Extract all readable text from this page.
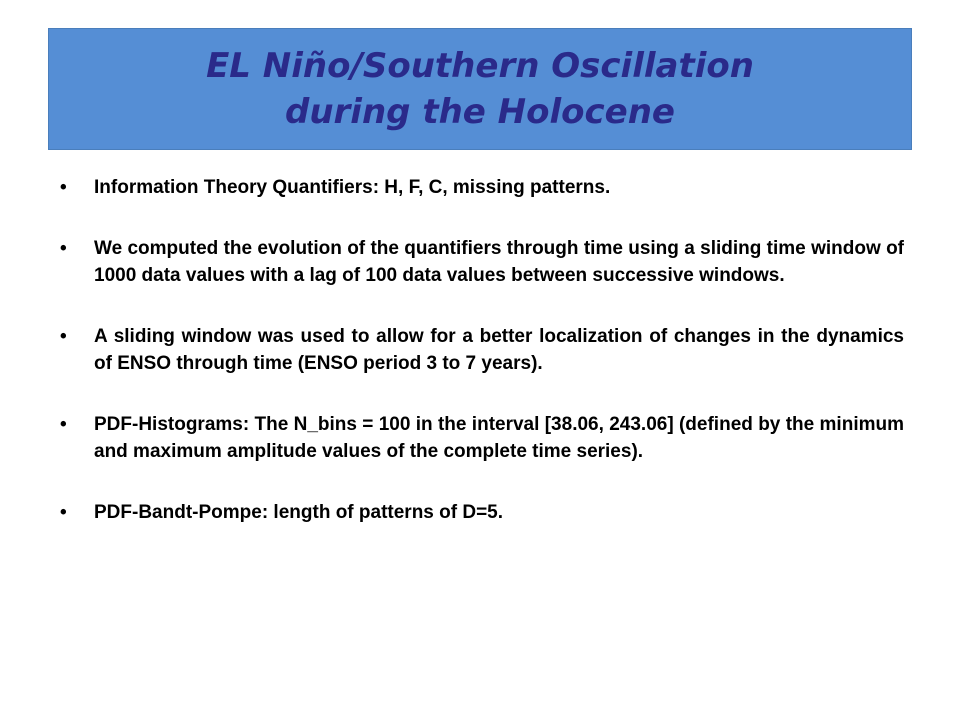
EL Niño/Southern Oscillation
during the Holocene
• Information Theory Quantifiers: H, F, C, missing patterns.
• We computed the evolution of the quantifiers through time using a sliding time window of 1000 data values with a lag of 100 data values between successive windows.
• A sliding window was used to allow for a better localization of changes in the dynamics of ENSO through time (ENSO period 3 to 7 years).
• PDF-Histograms: The N_bins = 100 in the interval [38.06, 243.06] (defined by the minimum and maximum amplitude values of the complete time series).
• PDF-Bandt-Pompe: length of patterns of D=5.
